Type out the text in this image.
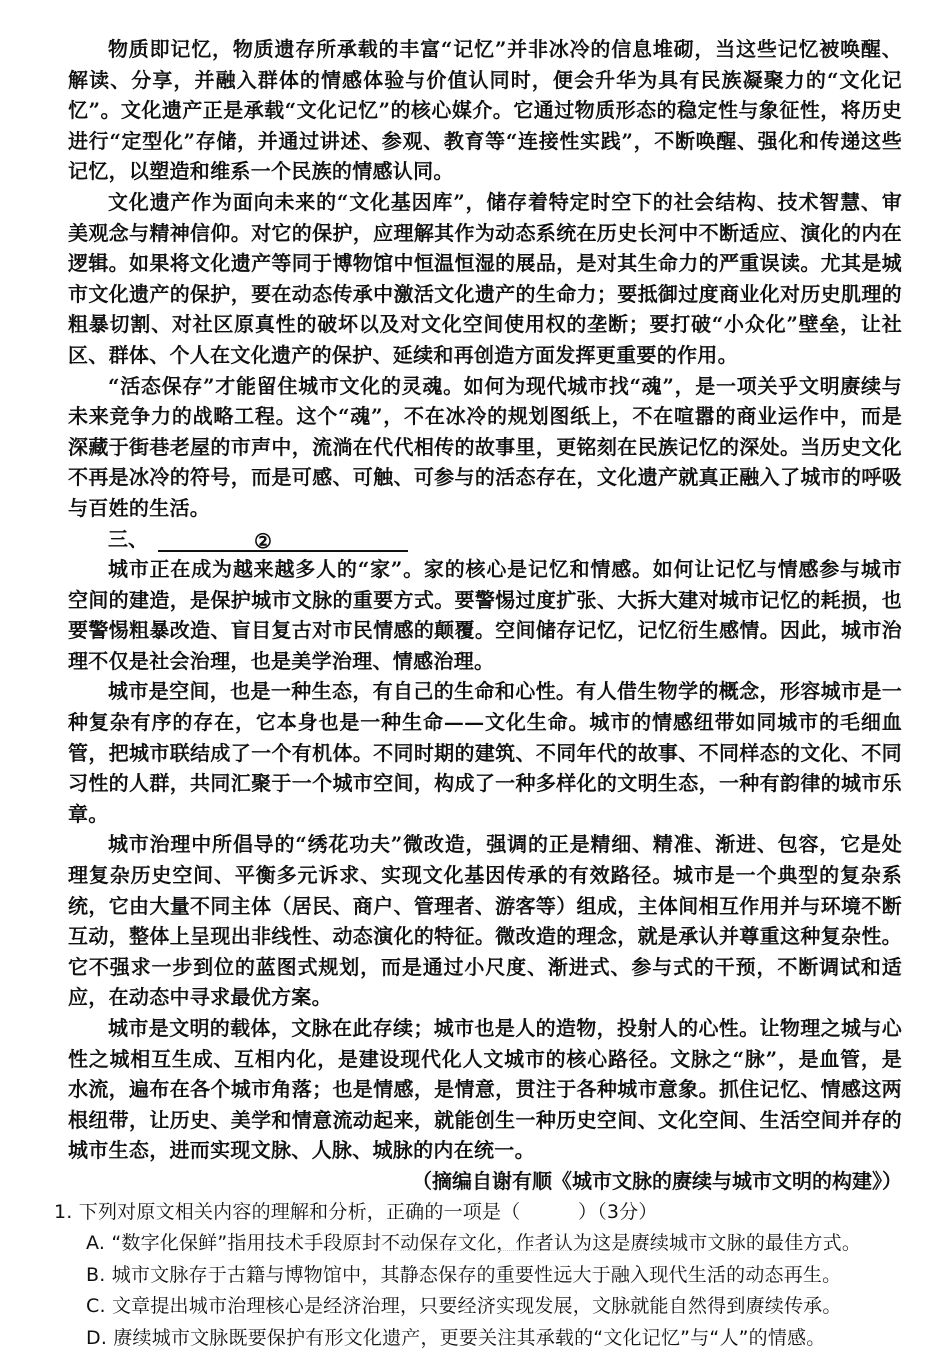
物质即记忆，物质遗存所承载的丰富“记忆”并非冰冷的信息堆砌，当这些记忆被唤醒、解读、分享，并融入群体的情感体验与价值认同时，便会升华为具有民族凝聚力的“文化记忆”。文化遗产正是承载“文化记忆”的核心媒介。它通过物质形态的稳定性与象征性，将历史进行“定型化”存储，并通过讲述、参观、教育等“连接性实践”，不断唤醒、强化和传递这些记忆，以塑造和维系一个民族的情感认同。

文化遗产作为面向未来的“文化基因库”，储存着特定时空下的社会结构、技术智慧、审美观念与精神信仰。对它的保护，应理解其作为动态系统在历史长河中不断适应、演化的内在逻辑。如果将文化遗产等同于博物馆中恒温恒湿的展品，是对其生命力的严重误读。尤其是城市文化遗产的保护，要在动态传承中激活文化遗产的生命力；要抵御过度商业化对历史肌理的粗暴切割、对社区原真性的破坏以及对文化空间使用权的垄断；要打破“小众化”壁垒，让社区、群体、个人在文化遗产的保护、延续和再创造方面发挥更重要的作用。

“活态保存”才能留住城市文化的灵魂。如何为现代城市找“魂”，是一项关乎文明赓续与未来竞争力的战略工程。这个“魂”，不在冰冷的规划图纸上，不在喧嚣的商业运作中，而是深藏于街巷老屋的市声中，流淌在代代相传的故事里，更铭刻在民族记忆的深处。当历史文化不再是冰冷的符号，而是可感、可触、可参与的活态存在，文化遗产就真正融入了城市的呼吸与百姓的生活。

三、	②

城市正在成为越来越多人的“家”。家的核心是记忆和情感。如何让记忆与情感参与城市空间的建造，是保护城市文脉的重要方式。要警惕过度扩张、大拆大建对城市记忆的耗损，也要警惕粗暴改造、盲目复古对市民情感的颠覆。空间储存记忆，记忆衍生感情。因此，城市治理不仅是社会治理，也是美学治理、情感治理。

城市是空间，也是一种生态，有自己的生命和心性。有人借生物学的概念，形容城市是一种复杂有序的存在，它本身也是一种生命——文化生命。城市的情感纽带如同城市的毛细血管，把城市联结成了一个有机体。不同时期的建筑、不同年代的故事、不同样态的文化、不同习性的人群，共同汇聚于一个城市空间，构成了一种多样化的文明生态，一种有韵律的城市乐章。

城市治理中所倡导的“绣花功夫”微改造，强调的正是精细、精准、渐进、包容，它是处理复杂历史空间、平衡多元诉求、实现文化基因传承的有效路径。城市是一个典型的复杂系统，它由大量不同主体（居民、商户、管理者、游客等）组成，主体间相互作用并与环境不断互动，整体上呈现出非线性、动态演化的特征。微改造的理念，就是承认并尊重这种复杂性。它不强求一步到位的蓝图式规划，而是通过小尺度、渐进式、参与式的干预，不断调试和适应，在动态中寻求最优方案。

城市是文明的载体，文脉在此存续；城市也是人的造物，投射人的心性。让物理之城与心性之城相互生成、互相内化，是建设现代化人文城市的核心路径。文脉之“脉”，是血管，是水流，遍布在各个城市角落；也是情感，是情意，贯注于各种城市意象。抓住记忆、情感这两根纽带，让历史、美学和情意流动起来，就能创生一种历史空间、文化空间、生活空间并存的城市生态，进而实现文脉、人脉、城脉的内在统一。

（摘编自谢有顺《城市文脉的赓续与城市文明的构建》）

1. 下列对原文相关内容的理解和分析，正确的一项是（　　　）（3分）

A. “数字化保鲜”指用技术手段原封不动保存文化，作者认为这是赓续城市文脉的最佳方式。

B. 城市文脉存于古籍与博物馆中，其静态保存的重要性远大于融入现代生活的动态再生。

C. 文章提出城市治理核心是经济治理，只要经济实现发展，文脉就能自然得到赓续传承。

D. 赓续城市文脉既要保护有形文化遗产，更要关注其承载的“文化记忆”与“人”的情感。
